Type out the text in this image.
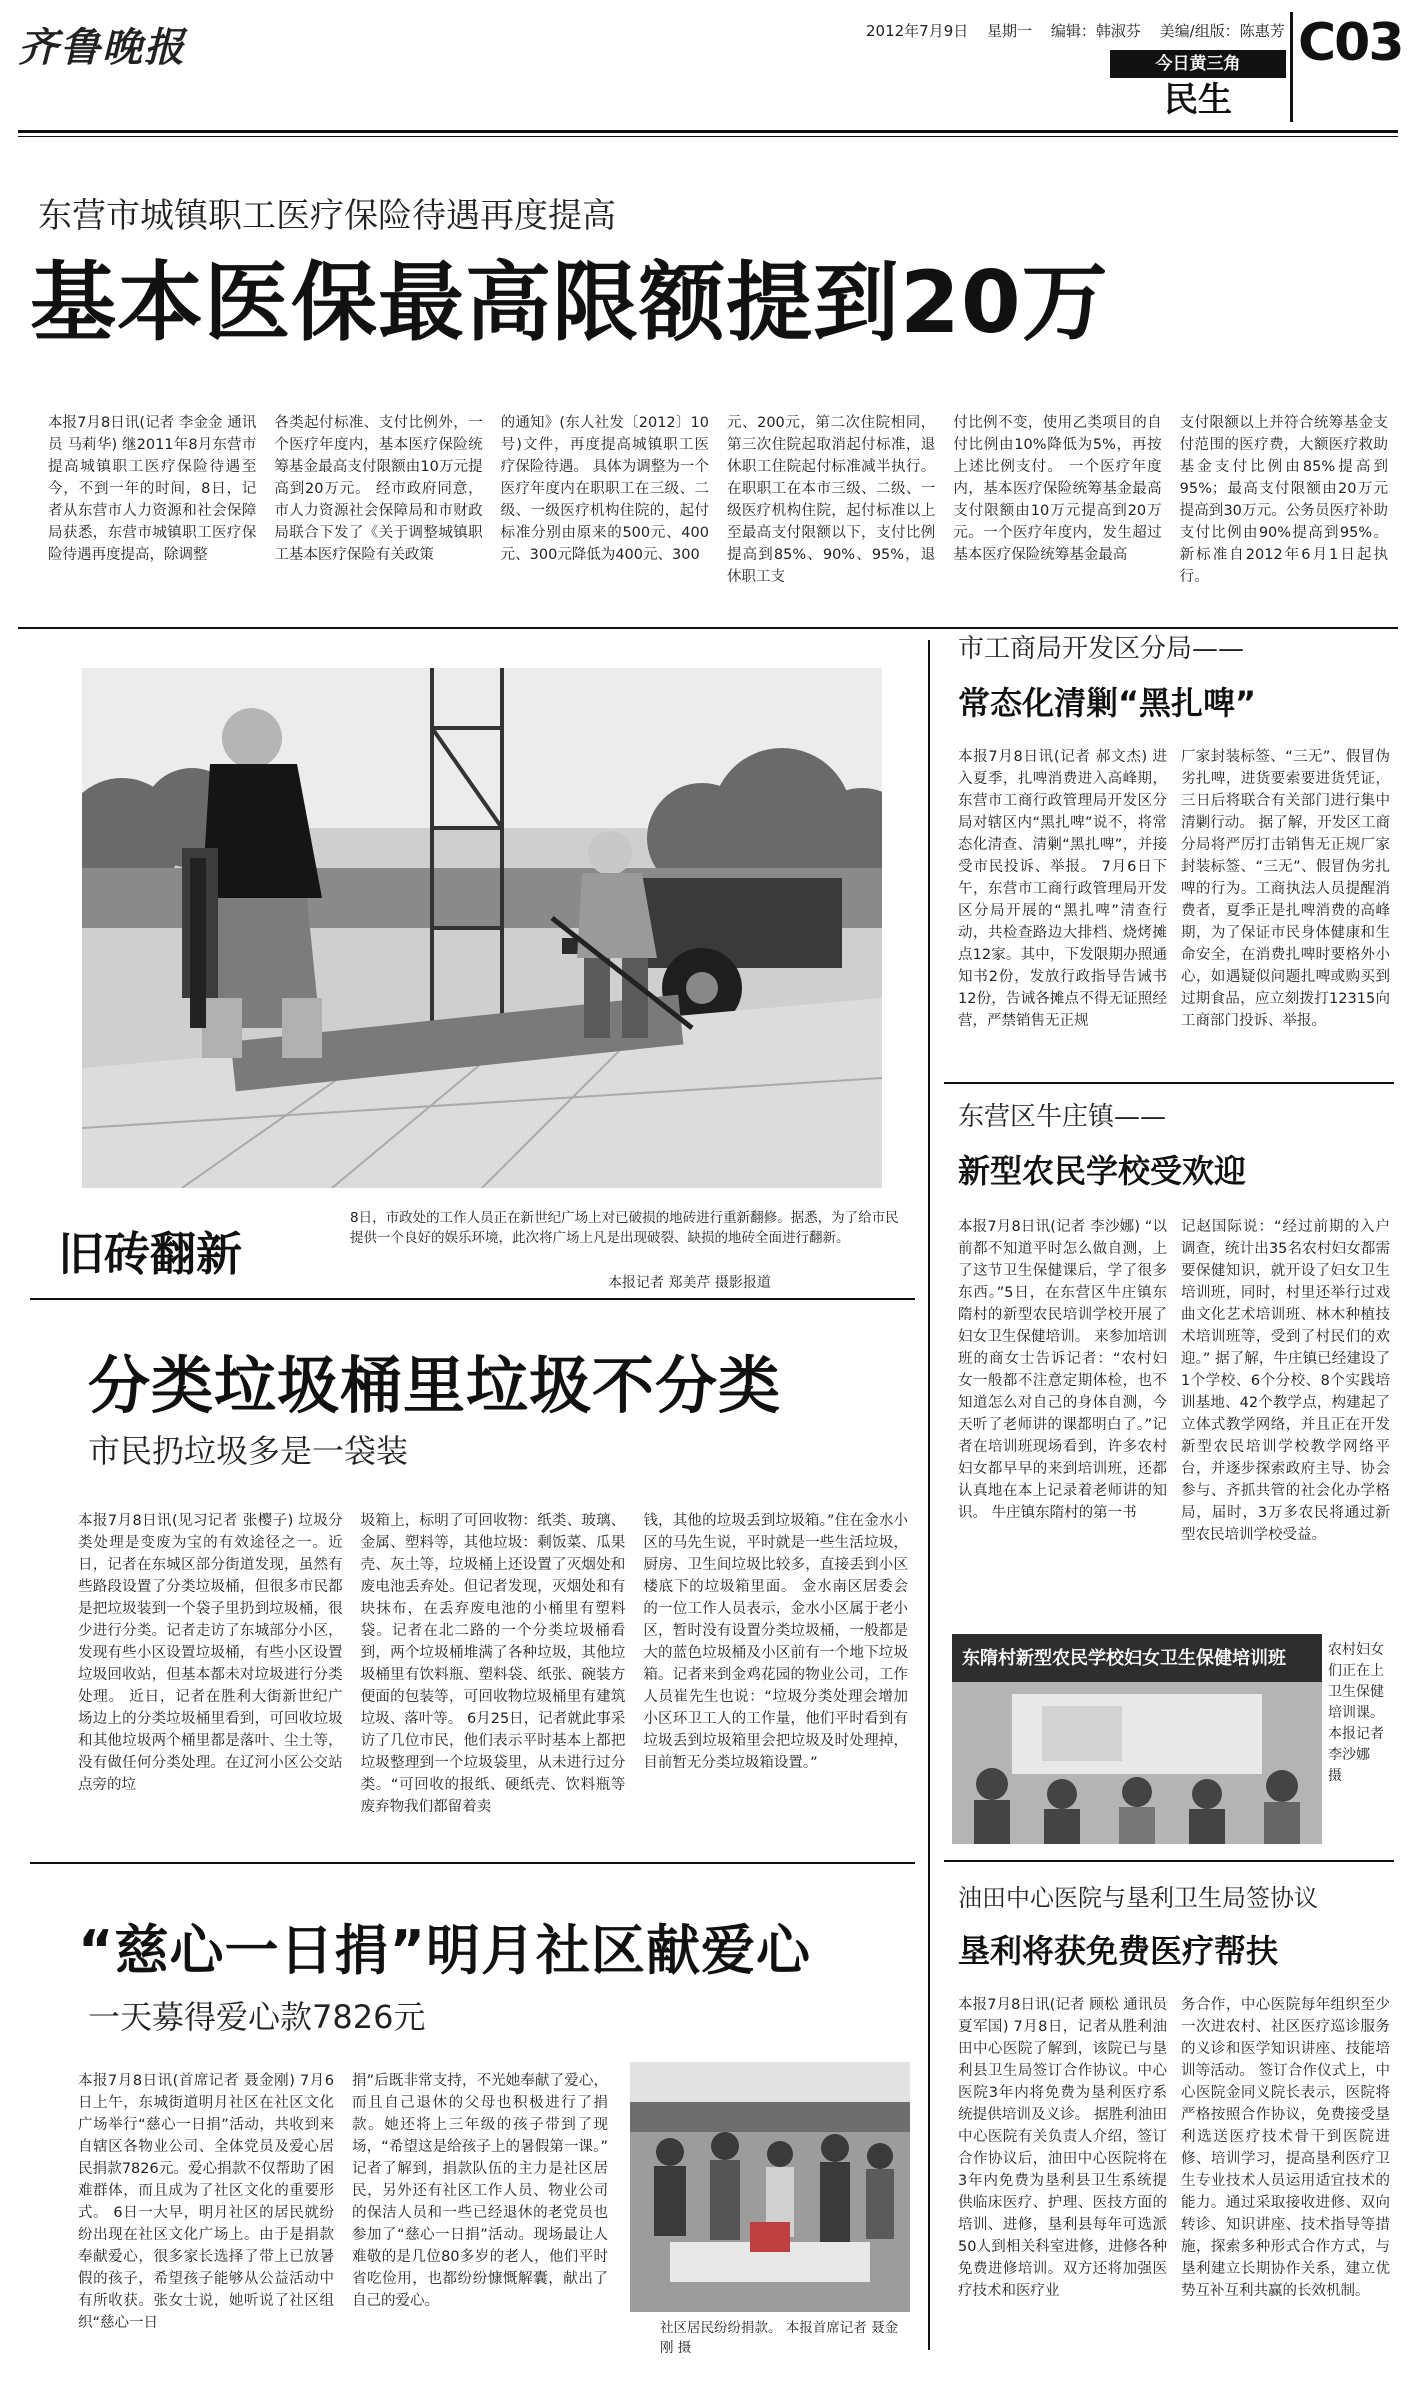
齐鲁晚报	2012年7月9日 星期一 编辑：韩淑芬 美编/组版：陈惠芳
今日黄三角
民生
C03
东营市城镇职工医疗保险待遇再度提高
基本医保最高限额提到20万
本报7月8日讯(记者 李金金 通讯员 马莉华) 继2011年8月东营市提高城镇职工医疗保险待遇至今，不到一年的时间，8日，记者从东营市人力资源和社会保障局获悉，东营市城镇职工医疗保险待遇再度提高，除调整
各类起付标准、支付比例外，一个医疗年度内，基本医疗保险统筹基金最高支付限额由10万元提高到20万元。 经市政府同意，市人力资源社会保障局和市财政局联合下发了《关于调整城镇职工基本医疗保险有关政策
的通知》(东人社发〔2012〕10号)文件，再度提高城镇职工医疗保险待遇。 具体为调整为一个医疗年度内在职职工在三级、二级、一级医疗机构住院的，起付标准分别由原来的500元、400元、300元降低为400元、300
元、200元，第二次住院相同，第三次住院起取消起付标准，退休职工住院起付标准减半执行。在职职工在本市三级、二级、一级医疗机构住院，起付标准以上至最高支付限额以下，支付比例提高到85%、90%、95%，退休职工支
付比例不变，使用乙类项目的自付比例由10%降低为5%，再按上述比例支付。 一个医疗年度内，基本医疗保险统筹基金最高支付限额由10万元提高到20万元。一个医疗年度内，发生超过基本医疗保险统筹基金最高
支付限额以上并符合统筹基金支付范围的医疗费，大额医疗救助基金支付比例由85%提高到95%；最高支付限额由20万元提高到30万元。公务员医疗补助支付比例由90%提高到95%。新标准自2012年6月1日起执行。
旧砖翻新
8日，市政处的工作人员正在新世纪广场上对已破损的地砖进行重新翻修。据悉，为了给市民提供一个良好的娱乐环境，此次将广场上凡是出现破裂、缺损的地砖全面进行翻新。
本报记者 郑美芹 摄影报道
分类垃圾桶里垃圾不分类
市民扔垃圾多是一袋装
本报7月8日讯(见习记者 张樱子) 垃圾分类处理是变废为宝的有效途径之一。近日，记者在东城区部分街道发现，虽然有些路段设置了分类垃圾桶，但很多市民都是把垃圾装到一个袋子里扔到垃圾桶，很少进行分类。记者走访了东城部分小区，发现有些小区设置垃圾桶，有些小区设置垃圾回收站，但基本都未对垃圾进行分类处理。 近日，记者在胜利大街新世纪广场边上的分类垃圾桶里看到，可回收垃圾和其他垃圾两个桶里都是落叶、尘土等，没有做任何分类处理。在辽河小区公交站点旁的垃
圾箱上，标明了可回收物：纸类、玻璃、金属、塑料等，其他垃圾：剩饭菜、瓜果壳、灰土等，垃圾桶上还设置了灭烟处和废电池丢弃处。但记者发现，灭烟处和有块抹布，在丢弃废电池的小桶里有塑料袋。记者在北二路的一个分类垃圾桶看到，两个垃圾桶堆满了各种垃圾，其他垃圾桶里有饮料瓶、塑料袋、纸张、碗装方便面的包装等，可回收物垃圾桶里有建筑垃圾、落叶等。 6月25日，记者就此事采访了几位市民，他们表示平时基本上都把垃圾整理到一个垃圾袋里，从未进行过分类。“可回收的报纸、硬纸壳、饮料瓶等废弃物我们都留着卖
钱，其他的垃圾丢到垃圾箱。”住在金水小区的马先生说，平时就是一些生活垃圾，厨房、卫生间垃圾比较多，直接丢到小区楼底下的垃圾箱里面。 金水南区居委会的一位工作人员表示，金水小区属于老小区，暂时没有设置分类垃圾桶，一般都是大的蓝色垃圾桶及小区前有一个地下垃圾箱。记者来到金鸡花园的物业公司，工作人员崔先生也说：“垃圾分类处理会增加小区环卫工人的工作量，他们平时看到有垃圾丢到垃圾箱里会把垃圾及时处理掉，目前暂无分类垃圾箱设置。”
“慈心一日捐”明月社区献爱心
一天募得爱心款7826元
本报7月8日讯(首席记者 聂金刚) 7月6日上午，东城街道明月社区在社区文化广场举行“慈心一日捐”活动，共收到来自辖区各物业公司、全体党员及爱心居民捐款7826元。爱心捐款不仅帮助了困难群体，而且成为了社区文化的重要形式。 6日一大早，明月社区的居民就纷纷出现在社区文化广场上。由于是捐款奉献爱心，很多家长选择了带上已放暑假的孩子，希望孩子能够从公益活动中有所收获。张女士说，她听说了社区组织“慈心一日
捐”后既非常支持，不光她奉献了爱心，而且自己退休的父母也积极进行了捐款。她还将上三年级的孩子带到了现场，“希望这是给孩子上的暑假第一课。” 记者了解到，捐款队伍的主力是社区居民，另外还有社区工作人员、物业公司的保洁人员和一些已经退休的老党员也参加了“慈心一日捐”活动。现场最让人难敬的是几位80多岁的老人，他们平时省吃俭用，也都纷纷慷慨解囊，献出了自己的爱心。
社区居民纷纷捐款。 本报首席记者 聂金刚 摄
市工商局开发区分局——
常态化清剿“黑扎啤”
本报7月8日讯(记者 郝文杰) 进入夏季，扎啤消费进入高峰期，东营市工商行政管理局开发区分局对辖区内“黑扎啤”说不，将常态化清查、清剿“黑扎啤”，并接受市民投诉、举报。 7月6日下午，东营市工商行政管理局开发区分局开展的“黑扎啤”清查行动，共检查路边大排档、烧烤摊点12家。其中，下发限期办照通知书2份，发放行政指导告诫书12份，告诫各摊点不得无证照经营，严禁销售无正规
厂家封装标签、“三无”、假冒伪劣扎啤，进货要索要进货凭证，三日后将联合有关部门进行集中清剿行动。 据了解，开发区工商分局将严厉打击销售无正规厂家封装标签、“三无”、假冒伪劣扎啤的行为。工商执法人员提醒消费者，夏季正是扎啤消费的高峰期，为了保证市民身体健康和生命安全，在消费扎啤时要格外小心，如遇疑似问题扎啤或购买到过期食品，应立刻拨打12315向工商部门投诉、举报。
东营区牛庄镇——
新型农民学校受欢迎
本报7月8日讯(记者 李沙娜) “以前都不知道平时怎么做自测，上了这节卫生保健课后，学了很多东西。”5日，在东营区牛庄镇东隋村的新型农民培训学校开展了妇女卫生保健培训。 来参加培训班的商女士告诉记者：“农村妇女一般都不注意定期体检，也不知道怎么对自己的身体自测，今天听了老师讲的课都明白了。”记者在培训班现场看到，许多农村妇女都早早的来到培训班，还都认真地在本上记录着老师讲的知识。 牛庄镇东隋村的第一书
记赵国际说：“经过前期的入户调查，统计出35名农村妇女都需要保健知识，就开设了妇女卫生培训班，同时，村里还举行过戏曲文化艺术培训班、林木种植技术培训班等，受到了村民们的欢迎。” 据了解，牛庄镇已经建设了1个学校、6个分校、8个实践培训基地、42个教学点，构建起了立体式教学网络，并且正在开发新型农民培训学校教学网络平台，并逐步探索政府主导、协会参与、齐抓共管的社会化办学格局，届时，3万多农民将通过新型农民培训学校受益。
东隋村新型农民学校妇女卫生保健培训班	农村妇女们正在上卫生保健培训课。 本报记者 李沙娜 摄
油田中心医院与垦利卫生局签协议
垦利将获免费医疗帮扶
本报7月8日讯(记者 顾松 通讯员 夏军国) 7月8日，记者从胜利油田中心医院了解到，该院已与垦利县卫生局签订合作协议。中心医院3年内将免费为垦利医疗系统提供培训及义诊。 据胜利油田中心医院有关负责人介绍，签订合作协议后，油田中心医院将在3年内免费为垦利县卫生系统提供临床医疗、护理、医技方面的培训、进修，垦利县每年可选派50人到相关科室进修，进修各种免费进修培训。双方还将加强医疗技术和医疗业
务合作，中心医院每年组织至少一次进农村、社区医疗巡诊服务的义诊和医学知识讲座、技能培训等活动。 签订合作仪式上，中心医院金同义院长表示，医院将严格按照合作协议，免费接受垦利选送医疗技术骨干到医院进修、培训学习，提高垦利医疗卫生专业技术人员运用适宜技术的能力。通过采取接收进修、双向转诊、知识讲座、技术指导等措施，探索多种形式合作方式，与垦利建立长期协作关系，建立优势互补互利共赢的长效机制。
